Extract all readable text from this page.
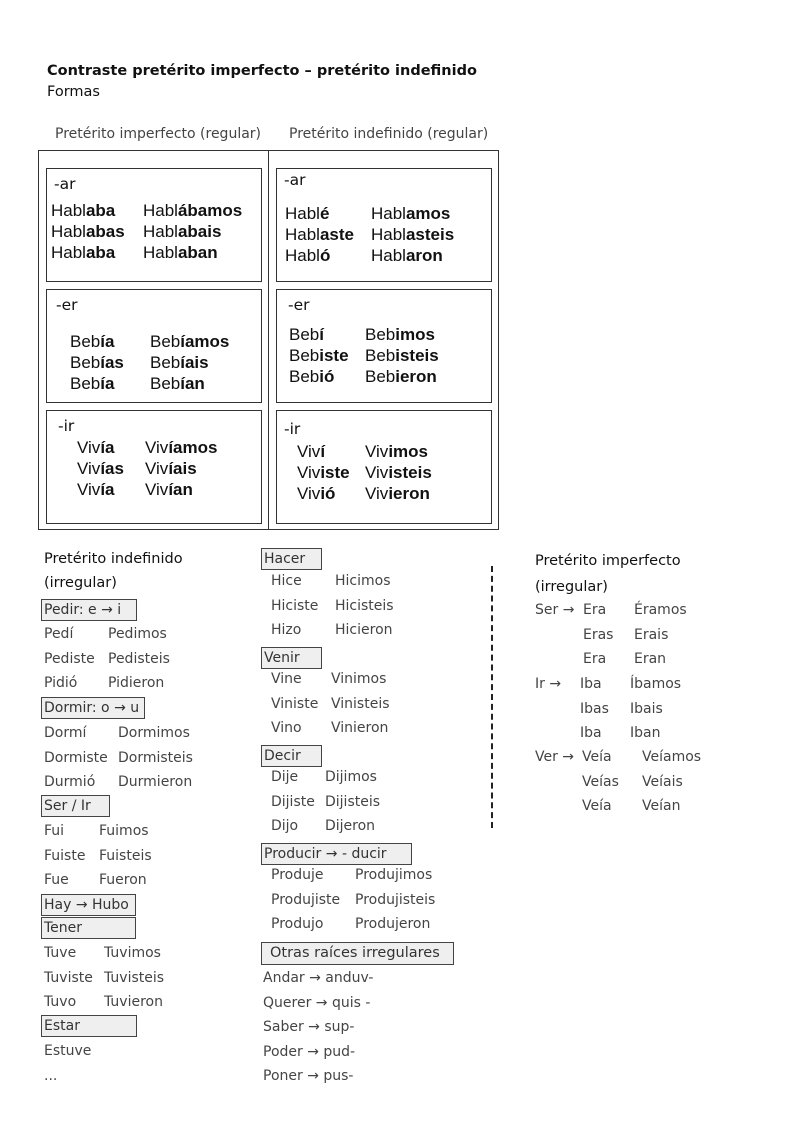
Contraste pretérito imperfecto – pretérito indefinido
Formas
Pretérito imperfecto (regular) Pretérito indefinido (regular)
-ar
Hablaba Hablábamos
Hablabas Hablabais
Hablaba Hablaban
-er
Bebía Bebíamos
Bebías Bebíais
Bebía Bebían
-ir
Vivía Vivíamos
Vivías Vivíais
Vivía Vivían
-ar
Hablé Hablamos
Hablaste Hablasteis
Habló Hablaron
-er
Bebí Bebimos
Bebiste Bebisteis
Bebió Bebieron
-ir
Viví Vivimos
Viviste Vivisteis
Vivió Vivieron
Pretérito indefinido
(irregular)
Pedir: e → i
Pedí Pedimos
Pediste Pedisteis
Pidió Pidieron
Dormir: o → u
Dormí Dormimos
Dormiste Dormisteis
Durmió Durmieron
Ser / Ir
Fui Fuimos
Fuiste Fuisteis
Fue Fueron
Hay → Hubo
Tener
Tuve Tuvimos
Tuviste Tuvisteis
Tuvo Tuvieron
Estar
Estuve
...
Hacer
Hice Hicimos
Hiciste Hicisteis
Hizo Hicieron
Venir
Vine Vinimos
Viniste Vinisteis
Vino Vinieron
Decir
Dije Dijimos
Dijiste Dijisteis
Dijo Dijeron
Producir → - ducir
Produje Produjimos
Produjiste Produjisteis
Produjo Produjeron
Otras raíces irregulares
Andar → anduv-
Querer → quis -
Saber → sup-
Poder → pud-
Poner → pus-
Pretérito imperfecto
(irregular)
Ser → Era Éramos
Eras Erais
Era Eran
Ir → Iba Íbamos
Ibas Ibais
Iba Iban
Ver → Veía Veíamos
Veías Veíais
Veía Veían
